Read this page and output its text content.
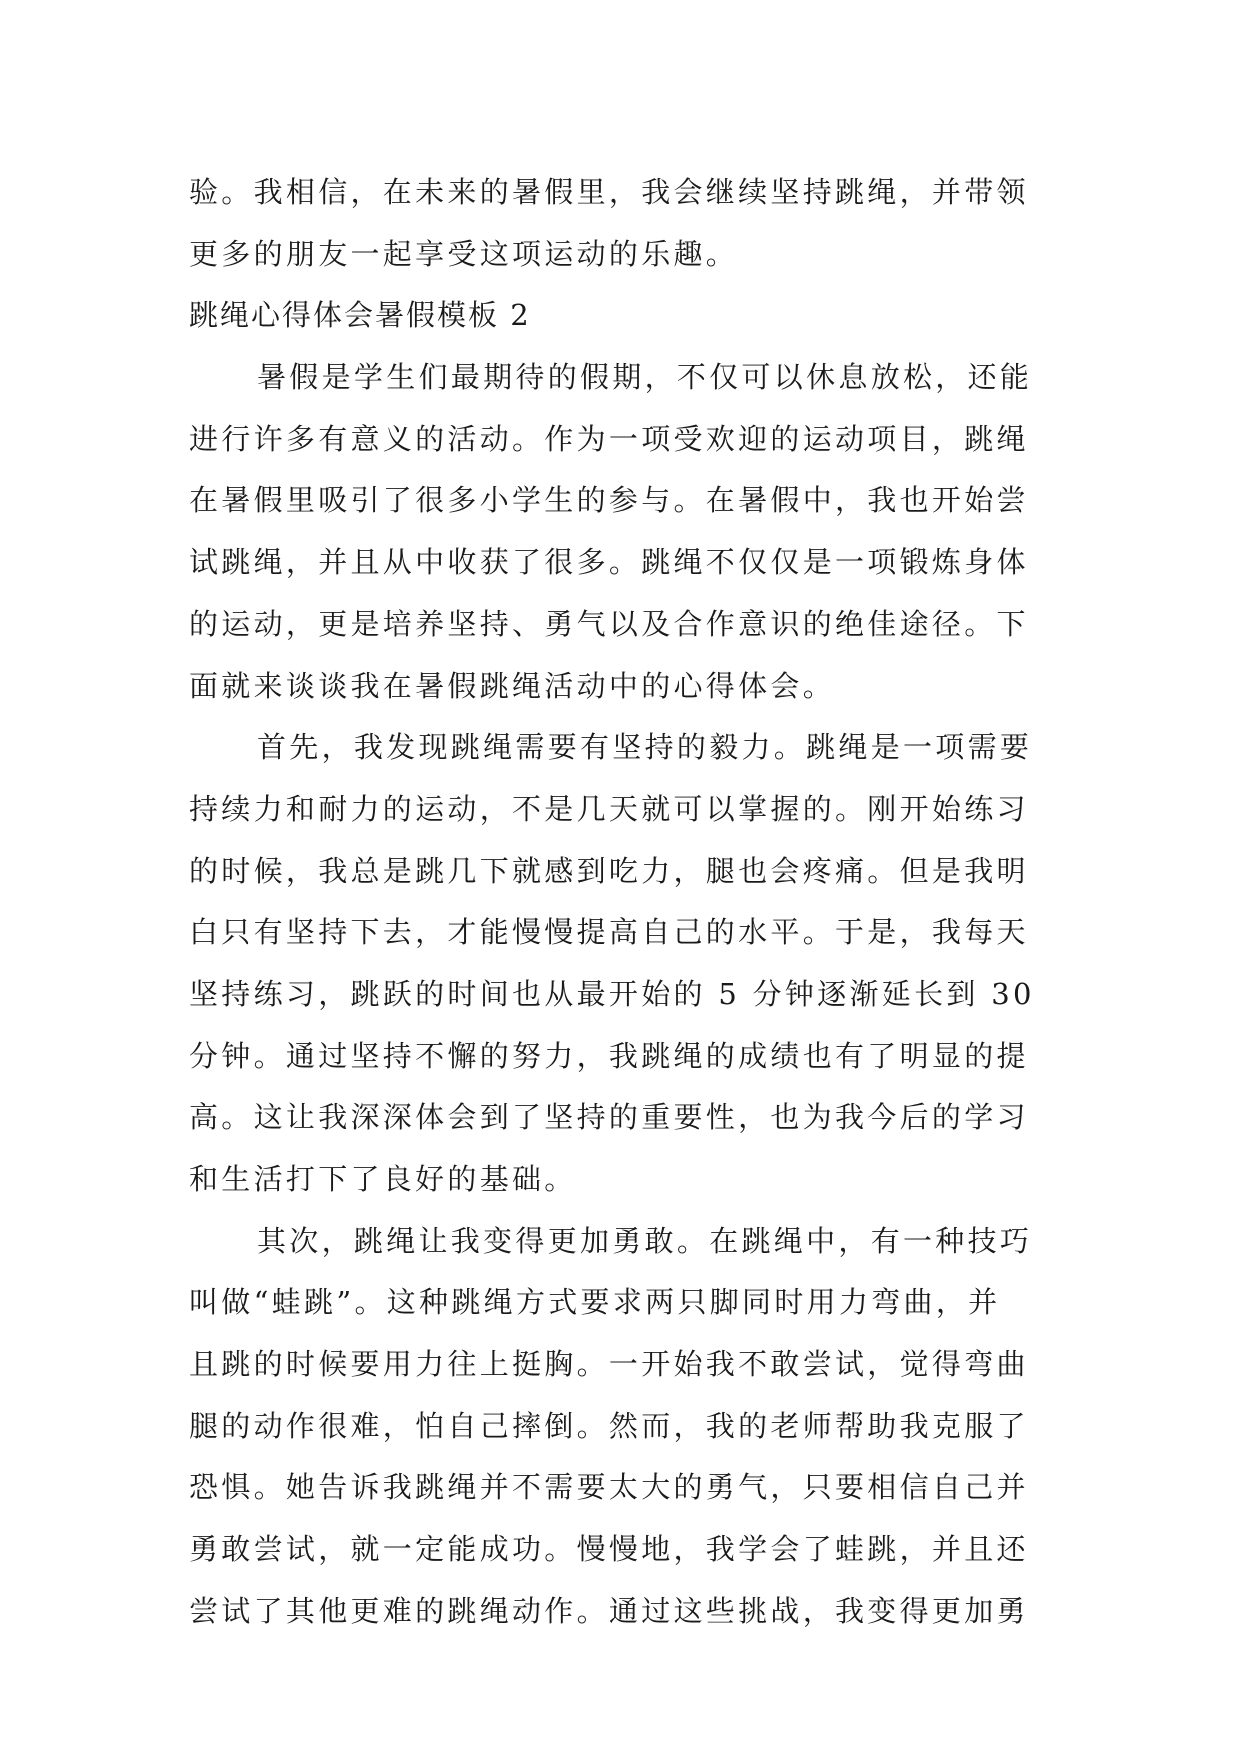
验。我相信，在未来的暑假里，我会继续坚持跳绳，并带领
更多的朋友一起享受这项运动的乐趣。
跳绳心得体会暑假模板 2
暑假是学生们最期待的假期，不仅可以休息放松，还能
进行许多有意义的活动。作为一项受欢迎的运动项目，跳绳
在暑假里吸引了很多小学生的参与。在暑假中，我也开始尝
试跳绳，并且从中收获了很多。跳绳不仅仅是一项锻炼身体
的运动，更是培养坚持、勇气以及合作意识的绝佳途径。下
面就来谈谈我在暑假跳绳活动中的心得体会。
首先，我发现跳绳需要有坚持的毅力。跳绳是一项需要
持续力和耐力的运动，不是几天就可以掌握的。刚开始练习
的时候，我总是跳几下就感到吃力，腿也会疼痛。但是我明
白只有坚持下去，才能慢慢提高自己的水平。于是，我每天
坚持练习，跳跃的时间也从最开始的 5 分钟逐渐延长到 30
分钟。通过坚持不懈的努力，我跳绳的成绩也有了明显的提
高。这让我深深体会到了坚持的重要性，也为我今后的学习
和生活打下了良好的基础。
其次，跳绳让我变得更加勇敢。在跳绳中，有一种技巧
叫做“蛙跳”。这种跳绳方式要求两只脚同时用力弯曲，并
且跳的时候要用力往上挺胸。一开始我不敢尝试，觉得弯曲
腿的动作很难，怕自己摔倒。然而，我的老师帮助我克服了
恐惧。她告诉我跳绳并不需要太大的勇气，只要相信自己并
勇敢尝试，就一定能成功。慢慢地，我学会了蛙跳，并且还
尝试了其他更难的跳绳动作。通过这些挑战，我变得更加勇
